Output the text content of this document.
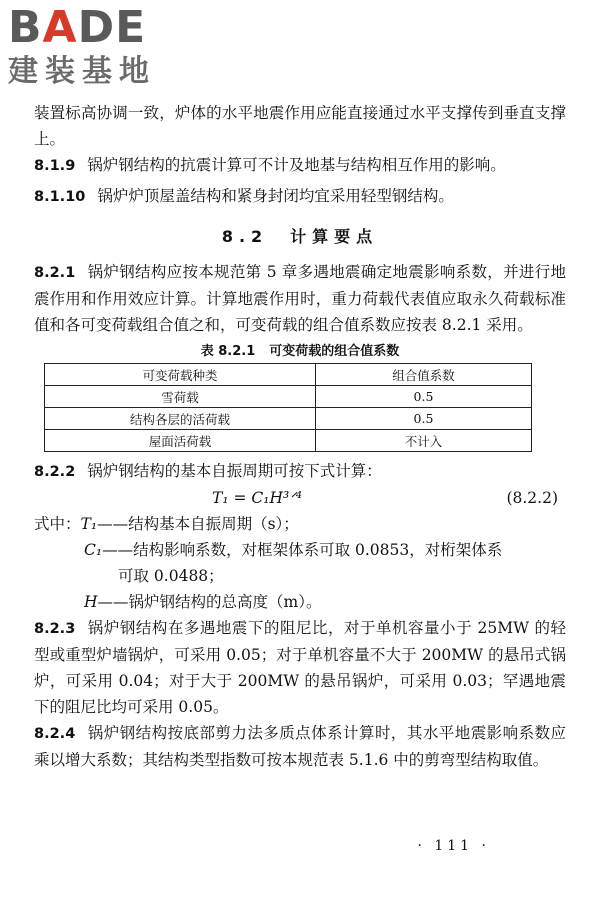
BADE
建装基地

装置标高协调一致，炉体的水平地震作用应能直接通过水平支撑传到垂直支撑上。

8.1.9 锅炉钢结构的抗震计算可不计及地基与结构相互作用的影响。

8.1.10 锅炉炉顶屋盖结构和紧身封闭均宜采用轻型钢结构。

8.2　计算要点

8.2.1 锅炉钢结构应按本规范第 5 章多遇地震确定地震影响系数，并进行地震作用和作用效应计算。计算地震作用时，重力荷载代表值应取永久荷载标准值和各可变荷载组合值之和，可变荷载的组合值系数应按表 8.2.1 采用。

表 8.2.1 可变荷载的组合值系数
可变荷载种类	组合值系数
雪荷载	0.5
结构各层的活荷载	0.5
屋面活荷载	不计入

8.2.2 锅炉钢结构的基本自振周期可按下式计算：

T₁ = C₁H³ᐟ⁴	(8.2.2)
式中：T₁——结构基本自振周期（s）；
C₁——结构影响系数，对框架体系可取 0.0853，对桁架体系
可取 0.0488；
H——锅炉钢结构的总高度（m）。

8.2.3 锅炉钢结构在多遇地震下的阻尼比，对于单机容量小于 25MW 的轻型或重型炉墙锅炉，可采用 0.05；对于单机容量不大于 200MW 的悬吊式锅炉，可采用 0.04；对于大于 200MW 的悬吊锅炉，可采用 0.03；罕遇地震下的阻尼比均可采用 0.05。

8.2.4 锅炉钢结构按底部剪力法多质点体系计算时，其水平地震影响系数应乘以增大系数；其结构类型指数可按本规范表 5.1.6 中的剪弯型结构取值。

· 111 ·
